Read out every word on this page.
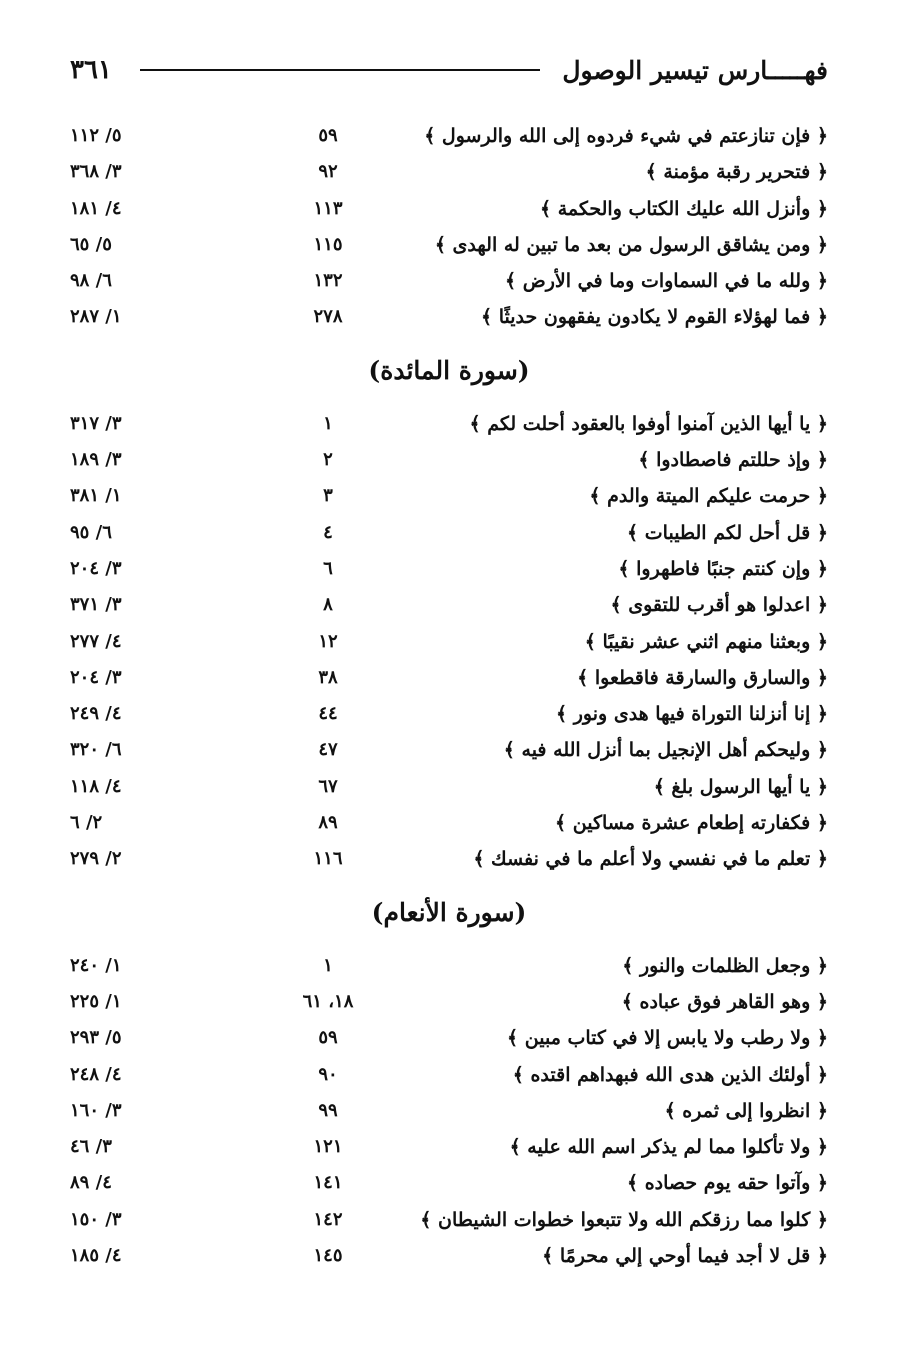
فهـــــارس تيسير الوصول
٣٦١
﴿ فإن تنازعتم في شيء فردوه إلى الله والرسول ﴾
٥٩
٥/ ١١٢
﴿ فتحرير رقبة مؤمنة ﴾
٩٢
٣/ ٣٦٨
﴿ وأنزل الله عليك الكتاب والحكمة ﴾
١١٣
٤/ ١٨١
﴿ ومن يشاقق الرسول من بعد ما تبين له الهدى ﴾
١١٥
٥/ ٦٥
﴿ ولله ما في السماوات وما في الأرض ﴾
١٣٢
٦/ ٩٨
﴿ فما لهؤلاء القوم لا يكادون يفقهون حديثًا ﴾
٢٧٨
١/ ٢٨٧
(سورة المائدة)
﴿ يا أيها الذين آمنوا أوفوا بالعقود أحلت لكم ﴾
١
٣/ ٣١٧
﴿ وإذ حللتم فاصطادوا ﴾
٢
٣/ ١٨٩
﴿ حرمت عليكم الميتة والدم ﴾
٣
١/ ٣٨١
﴿ قل أحل لكم الطيبات ﴾
٤
٦/ ٩٥
﴿ وإن كنتم جنبًا فاطهروا ﴾
٦
٣/ ٢٠٤
﴿ اعدلوا هو أقرب للتقوى ﴾
٨
٣/ ٣٧١
﴿ وبعثنا منهم اثني عشر نقيبًا ﴾
١٢
٤/ ٢٧٧
﴿ والسارق والسارقة فاقطعوا ﴾
٣٨
٣/ ٢٠٤
﴿ إنا أنزلنا التوراة فيها هدى ونور ﴾
٤٤
٤/ ٢٤٩
﴿ وليحكم أهل الإنجيل بما أنزل الله فيه ﴾
٤٧
٦/ ٣٢٠
﴿ يا أيها الرسول بلغ ﴾
٦٧
٤/ ١١٨
﴿ فكفارته إطعام عشرة مساكين ﴾
٨٩
٢/ ٦
﴿ تعلم ما في نفسي ولا أعلم ما في نفسك ﴾
١١٦
٢/ ٢٧٩
(سورة الأنعام)
﴿ وجعل الظلمات والنور ﴾
١
١/ ٢٤٠
﴿ وهو القاهر فوق عباده ﴾
١٨، ٦١
١/ ٢٢٥
﴿ ولا رطب ولا يابس إلا في كتاب مبين ﴾
٥٩
٥/ ٢٩٣
﴿ أولئك الذين هدى الله فبهداهم اقتده ﴾
٩٠
٤/ ٢٤٨
﴿ انظروا إلى ثمره ﴾
٩٩
٣/ ١٦٠
﴿ ولا تأكلوا مما لم يذكر اسم الله عليه ﴾
١٢١
٣/ ٤٦
﴿ وآتوا حقه يوم حصاده ﴾
١٤١
٤/ ٨٩
﴿ كلوا مما رزقكم الله ولا تتبعوا خطوات الشيطان ﴾
١٤٢
٣/ ١٥٠
﴿ قل لا أجد فيما أوحي إلي محرمًا ﴾
١٤٥
٤/ ١٨٥
